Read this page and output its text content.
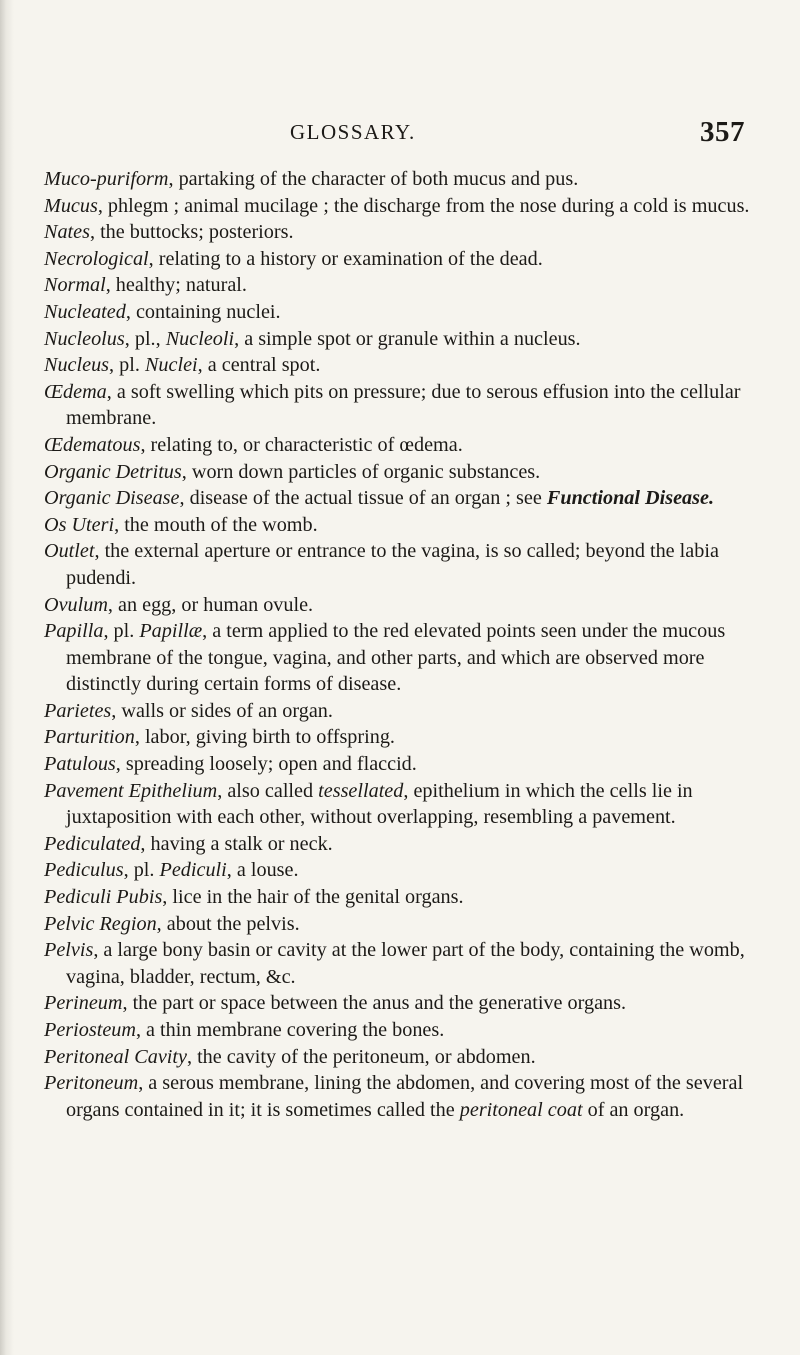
GLOSSARY.	357

Muco-puriform, partaking of the character of both mucus and pus.

Mucus, phlegm ; animal mucilage ; the discharge from the nose during a cold is mucus.

Nates, the buttocks; posteriors.

Necrological, relating to a history or examination of the dead.

Normal, healthy; natural.

Nucleated, containing nuclei.

Nucleolus, pl., Nucleoli, a simple spot or granule within a nucleus.

Nucleus, pl. Nuclei, a central spot.

Œdema, a soft swelling which pits on pressure; due to serous effusion into the cellular membrane.

Œdematous, relating to, or characteristic of œdema.

Organic Detritus, worn down particles of organic substances.

Organic Disease, disease of the actual tissue of an organ ; see Functional Disease.

Os Uteri, the mouth of the womb.

Outlet, the external aperture or entrance to the vagina, is so called; beyond the labia pudendi.

Ovulum, an egg, or human ovule.

Papilla, pl. Papillæ, a term applied to the red elevated points seen under the mucous membrane of the tongue, vagina, and other parts, and which are observed more distinctly during certain forms of disease.

Parietes, walls or sides of an organ.

Parturition, labor, giving birth to offspring.

Patulous, spreading loosely; open and flaccid.

Pavement Epithelium, also called tessellated, epithelium in which the cells lie in juxtaposition with each other, without overlapping, resembling a pavement.

Pediculated, having a stalk or neck.

Pediculus, pl. Pediculi, a louse.

Pediculi Pubis, lice in the hair of the genital organs.

Pelvic Region, about the pelvis.

Pelvis, a large bony basin or cavity at the lower part of the body, containing the womb, vagina, bladder, rectum, &c.

Perineum, the part or space between the anus and the generative organs.

Periosteum, a thin membrane covering the bones.

Peritoneal Cavity, the cavity of the peritoneum, or abdomen.

Peritoneum, a serous membrane, lining the abdomen, and covering most of the several organs contained in it; it is sometimes called the peritoneal coat of an organ.
